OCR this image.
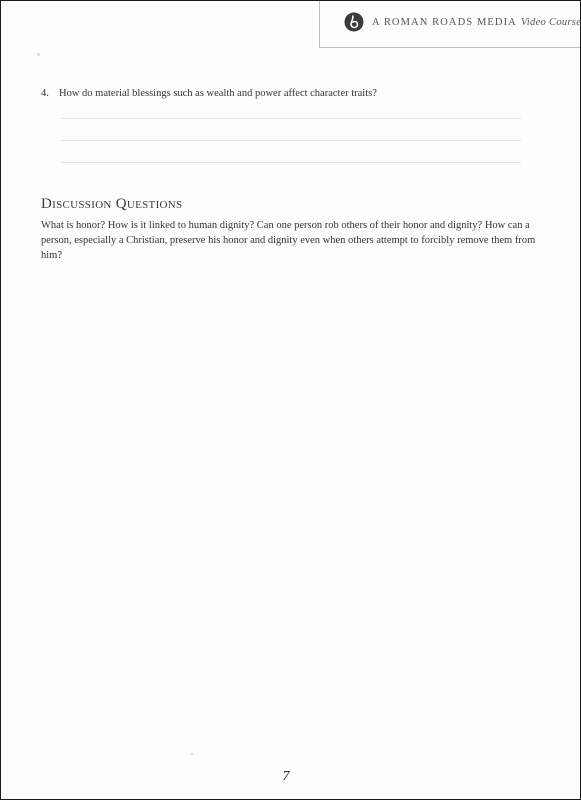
A ROMAN ROADS MEDIA Video Course
4. How do material blessings such as wealth and power affect character traits?
Discussion Questions
What is honor? How is it linked to human dignity? Can one person rob others of their honor and dignity? How can a person, especially a Christian, preserve his honor and dignity even when others attempt to forcibly remove them from him?
7
